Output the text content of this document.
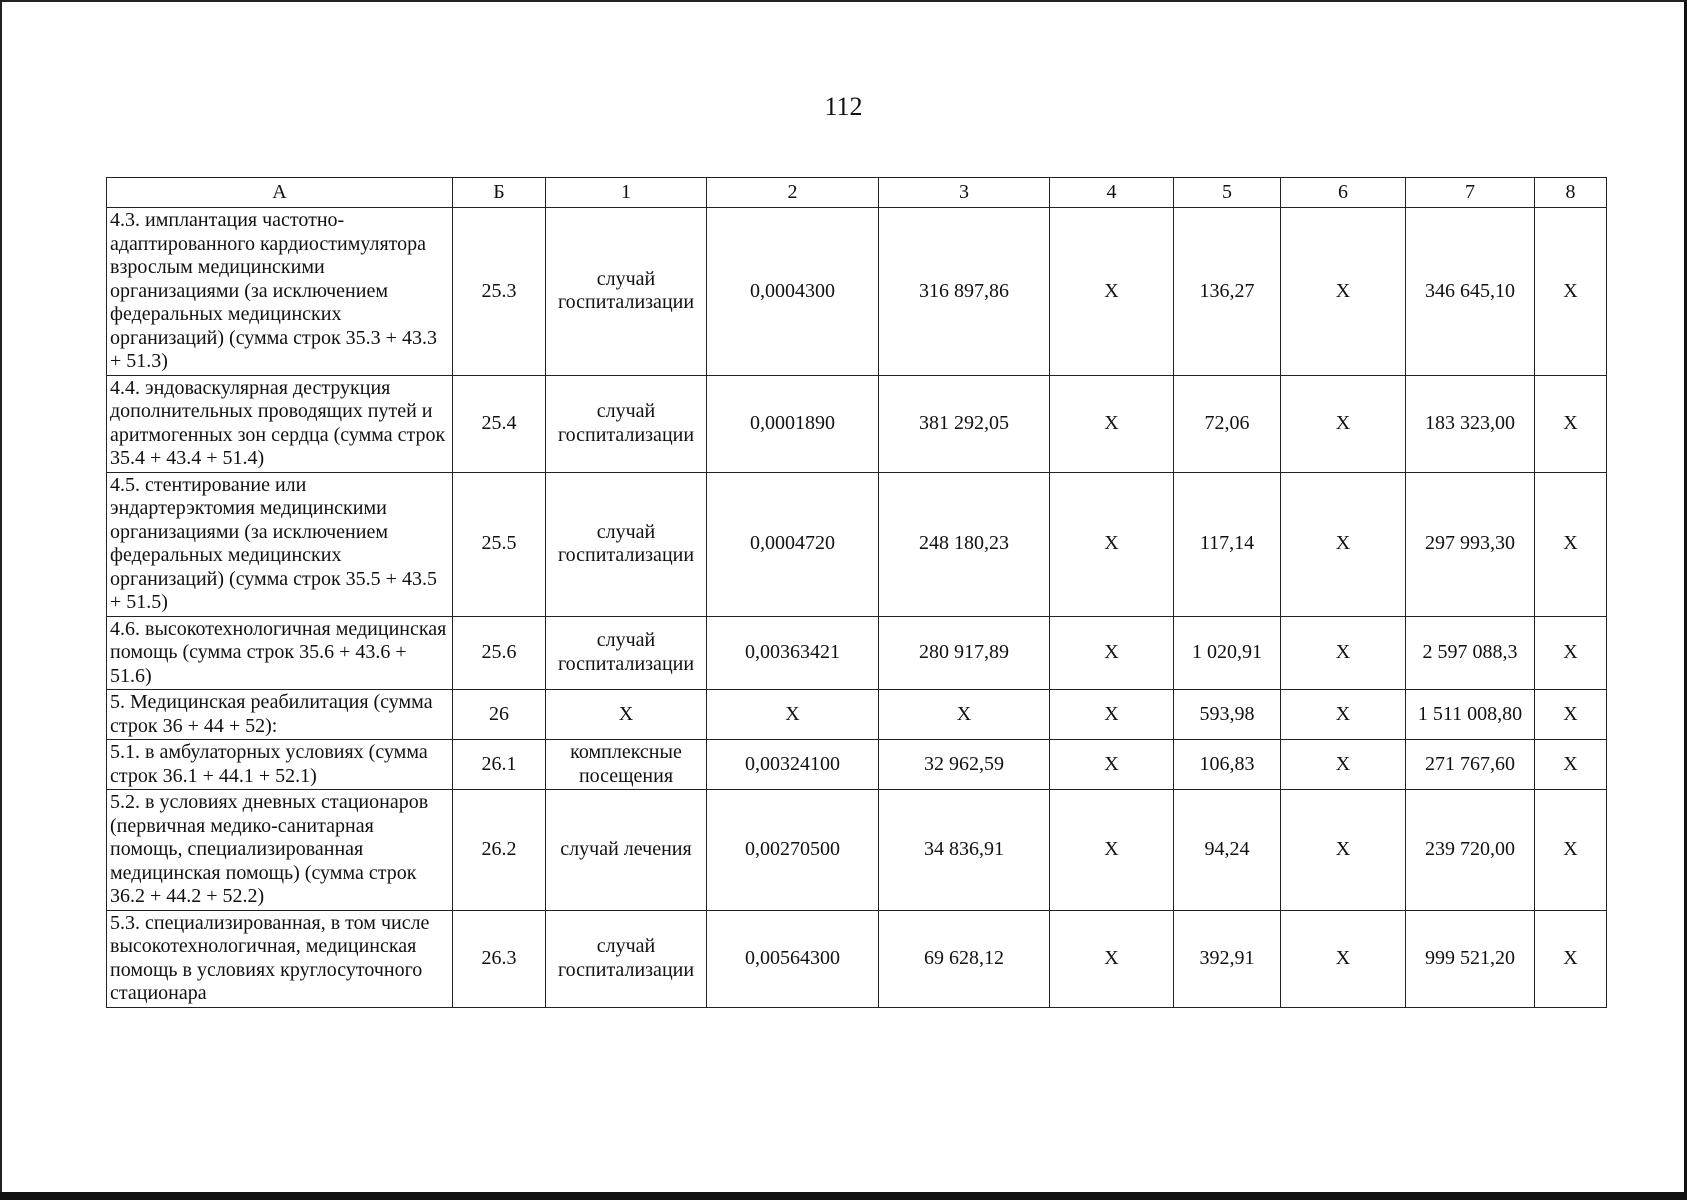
112
А	Б	1	2	3	4	5	6	7	8
4.3. имплантация частотно-адаптированного кардиостимулятора взрослым медицинскими организациями (за исключением федеральных медицинских организаций) (сумма строк 35.3 + 43.3 + 51.3)	25.3	случай госпитализации	0,0004300	316 897,86	Х	136,27	Х	346 645,10	Х
4.4. эндоваскулярная деструкция дополнительных проводящих путей и аритмогенных зон сердца (сумма строк 35.4 + 43.4 + 51.4)	25.4	случай госпитализации	0,0001890	381 292,05	Х	72,06	Х	183 323,00	Х
4.5. стентирование или эндартерэктомия медицинскими организациями (за исключением федеральных медицинских организаций) (сумма строк 35.5 + 43.5 + 51.5)	25.5	случай госпитализации	0,0004720	248 180,23	Х	117,14	Х	297 993,30	Х
4.6. высокотехнологичная медицинская помощь (сумма строк 35.6 + 43.6 + 51.6)	25.6	случай госпитализации	0,00363421	280 917,89	Х	1 020,91	Х	2 597 088,3	Х
5. Медицинская реабилитация (сумма строк 36 + 44 + 52):	26	Х	Х	Х	Х	593,98	Х	1 511 008,80	Х
5.1. в амбулаторных условиях (сумма строк 36.1 + 44.1 + 52.1)	26.1	комплексные посещения	0,00324100	32 962,59	Х	106,83	Х	271 767,60	Х
5.2. в условиях дневных стационаров (первичная медико-санитарная помощь, специализированная медицинская помощь) (сумма строк 36.2 + 44.2 + 52.2)	26.2	случай лечения	0,00270500	34 836,91	Х	94,24	Х	239 720,00	Х
5.3. специализированная, в том числе высокотехнологичная, медицинская помощь в условиях круглосуточного стационара	26.3	случай госпитализации	0,00564300	69 628,12	Х	392,91	Х	999 521,20	Х
